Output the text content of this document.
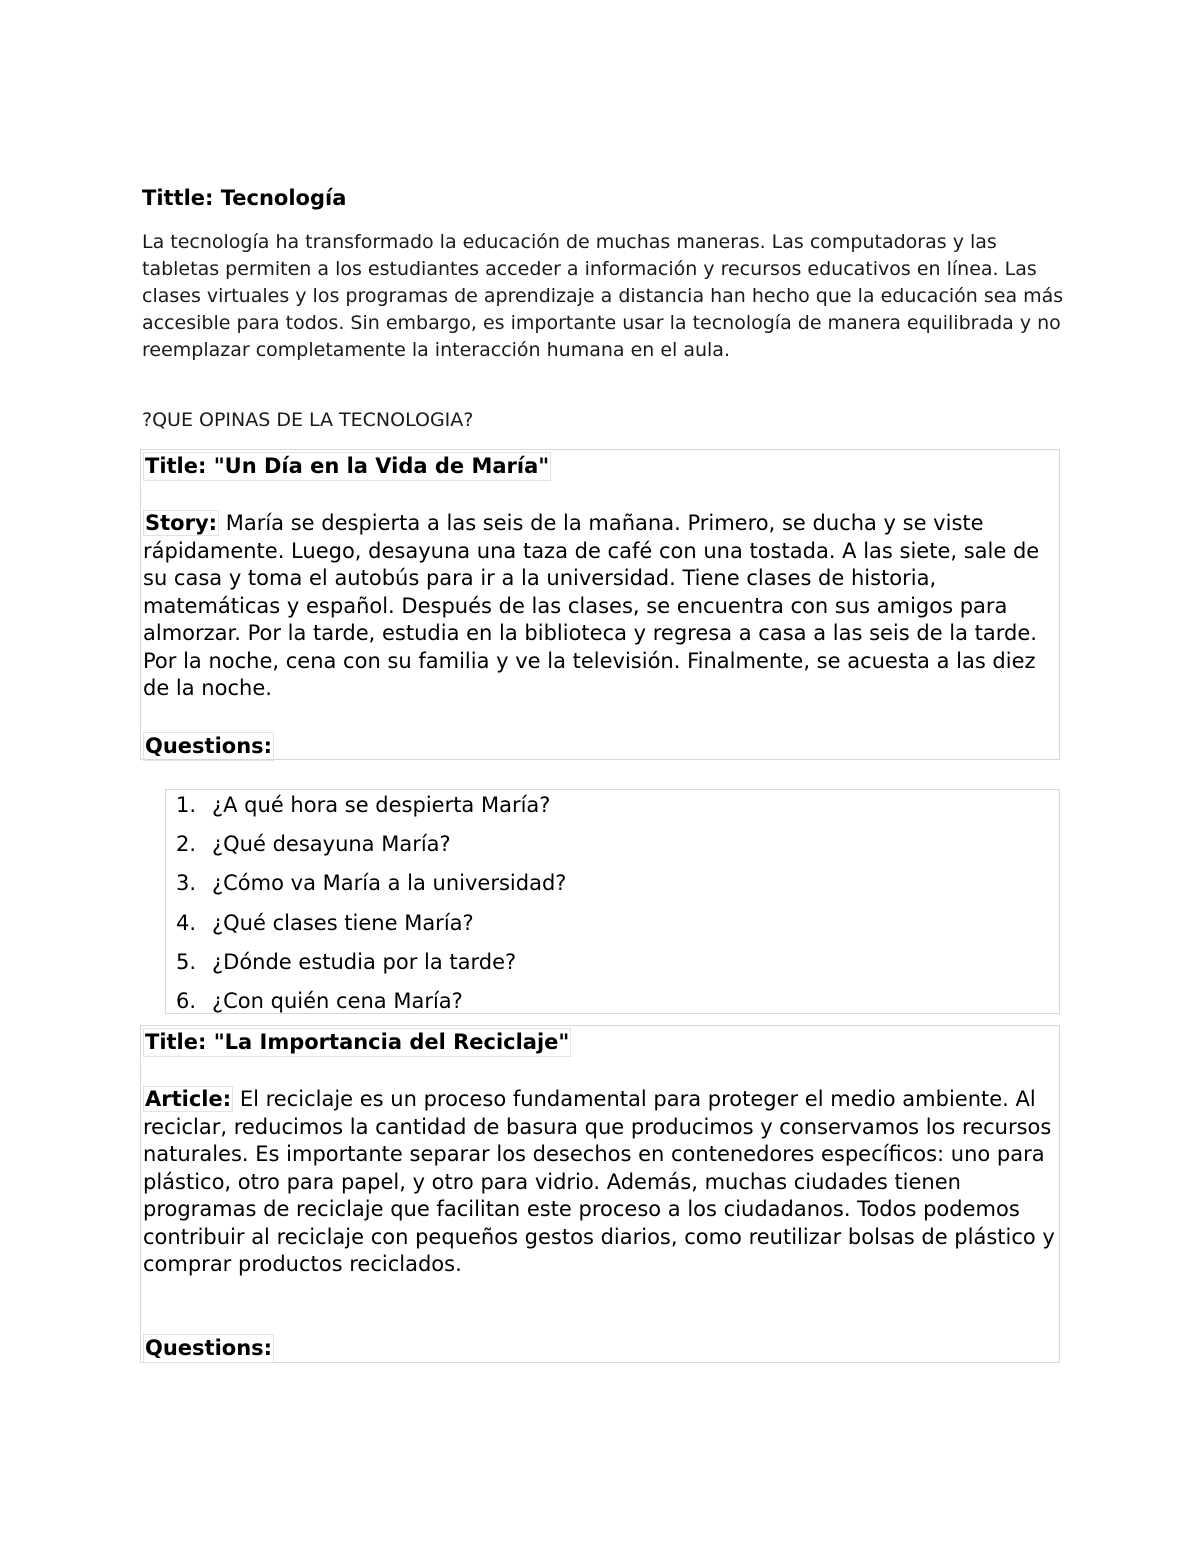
Tittle: Tecnología

La tecnología ha transformado la educación de muchas maneras. Las computadoras y las tabletas permiten a los estudiantes acceder a información y recursos educativos en línea. Las clases virtuales y los programas de aprendizaje a distancia han hecho que la educación sea más accesible para todos. Sin embargo, es importante usar la tecnología de manera equilibrada y no reemplazar completamente la interacción humana en el aula.

?QUE OPINAS DE LA TECNOLOGIA?

Title: "Un Día en la Vida de María"
Story: María se despierta a las seis de la mañana. Primero, se ducha y se viste rápidamente. Luego, desayuna una taza de café con una tostada. A las siete, sale de su casa y toma el autobús para ir a la universidad. Tiene clases de historia, matemáticas y español. Después de las clases, se encuentra con sus amigos para almorzar. Por la tarde, estudia en la biblioteca y regresa a casa a las seis de la tarde. Por la noche, cena con su familia y ve la televisión. Finalmente, se acuesta a las diez de la noche.
Questions:
1. ¿A qué hora se despierta María?
2. ¿Qué desayuna María?
3. ¿Cómo va María a la universidad?
4. ¿Qué clases tiene María?
5. ¿Dónde estudia por la tarde?
6. ¿Con quién cena María?
Title: "La Importancia del Reciclaje"
Article: El reciclaje es un proceso fundamental para proteger el medio ambiente. Al reciclar, reducimos la cantidad de basura que producimos y conservamos los recursos naturales. Es importante separar los desechos en contenedores específicos: uno para plástico, otro para papel, y otro para vidrio. Además, muchas ciudades tienen programas de reciclaje que facilitan este proceso a los ciudadanos. Todos podemos contribuir al reciclaje con pequeños gestos diarios, como reutilizar bolsas de plástico y comprar productos reciclados.
Questions:
